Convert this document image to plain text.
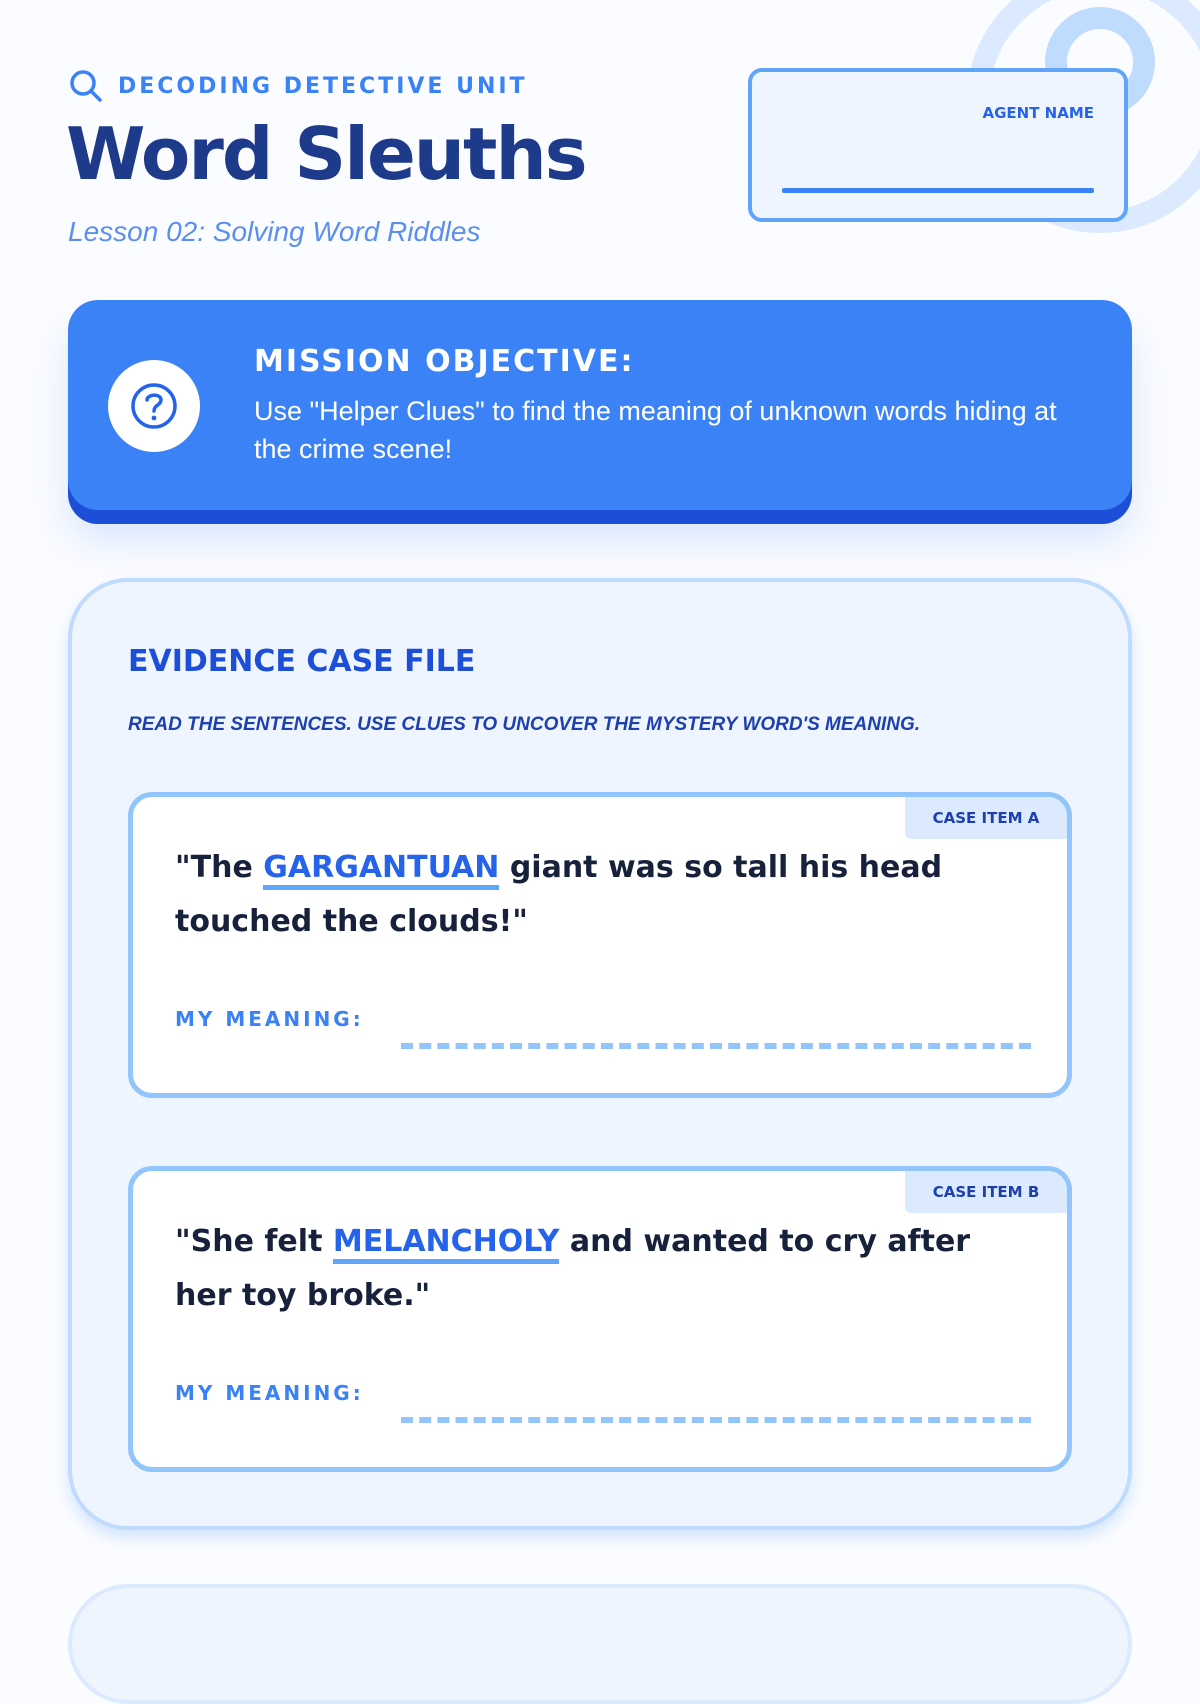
DECODING DETECTIVE UNIT
Word Sleuths
Lesson 02: Solving Word Riddles
AGENT NAME
MISSION OBJECTIVE:
Use "Helper Clues" to find the meaning of unknown words hiding at the crime scene!
EVIDENCE CASE FILE
READ THE SENTENCES. USE CLUES TO UNCOVER THE MYSTERY WORD'S MEANING.
CASE ITEM A
"The GARGANTUAN giant was so tall his head touched the clouds!"
MY MEANING:
CASE ITEM B
"She felt MELANCHOLY and wanted to cry after her toy broke."
MY MEANING:
